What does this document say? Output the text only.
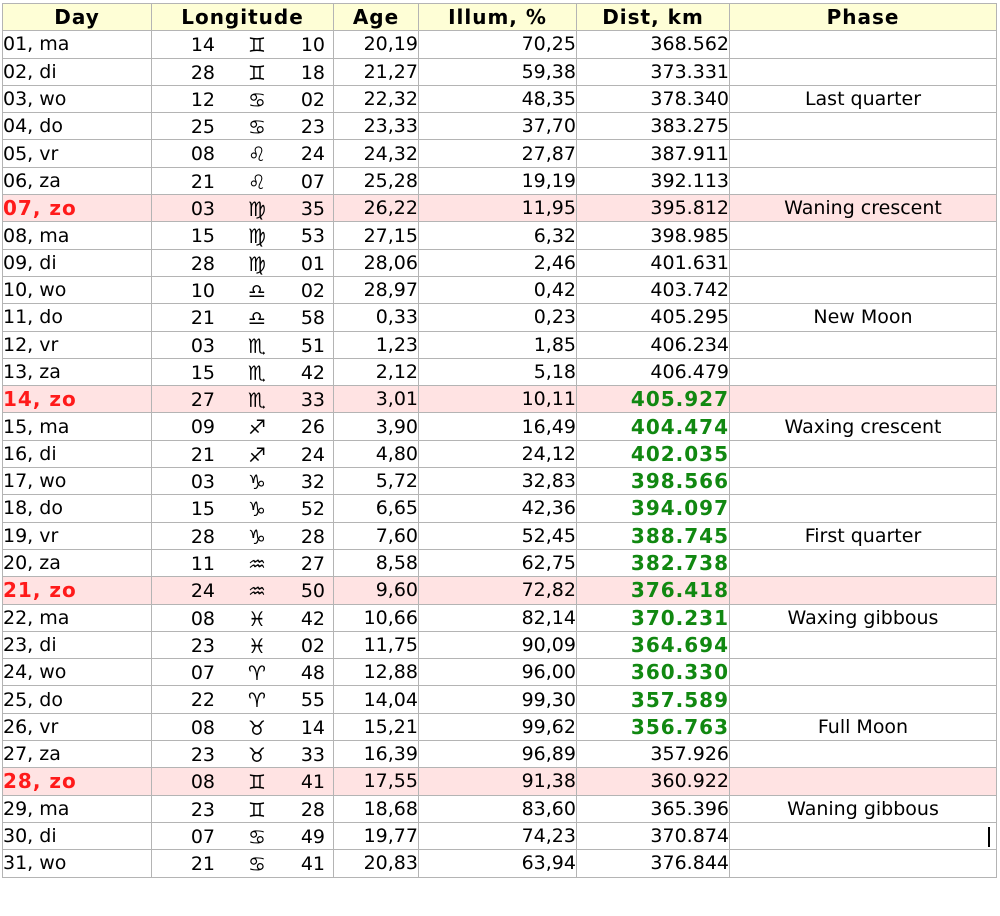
Day	Longitude	Age	Illum, %	Dist, km	Phase
01, ma	14 ♊ 10	20,19	70,25	368.562	
02, di	28 ♊ 18	21,27	59,38	373.331	
03, wo	12 ♋ 02	22,32	48,35	378.340	Last quarter
04, do	25 ♋ 23	23,33	37,70	383.275	
05, vr	08 ♌ 24	24,32	27,87	387.911	
06, za	21 ♌ 07	25,28	19,19	392.113	
07, zo	03 ♍ 35	26,22	11,95	395.812	Waning crescent
08, ma	15 ♍ 53	27,15	6,32	398.985	
09, di	28 ♍ 01	28,06	2,46	401.631	
10, wo	10 ♎ 02	28,97	0,42	403.742	
11, do	21 ♎ 58	0,33	0,23	405.295	New Moon
12, vr	03 ♏ 51	1,23	1,85	406.234	
13, za	15 ♏ 42	2,12	5,18	406.479	
14, zo	27 ♏ 33	3,01	10,11	405.927	
15, ma	09 ♐ 26	3,90	16,49	404.474	Waxing crescent
16, di	21 ♐ 24	4,80	24,12	402.035	
17, wo	03 ♑ 32	5,72	32,83	398.566	
18, do	15 ♑ 52	6,65	42,36	394.097	
19, vr	28 ♑ 28	7,60	52,45	388.745	First quarter
20, za	11 ♒ 27	8,58	62,75	382.738	
21, zo	24 ♒ 50	9,60	72,82	376.418	
22, ma	08 ♓ 42	10,66	82,14	370.231	Waxing gibbous
23, di	23 ♓ 02	11,75	90,09	364.694	
24, wo	07 ♈ 48	12,88	96,00	360.330	
25, do	22 ♈ 55	14,04	99,30	357.589	
26, vr	08 ♉ 14	15,21	99,62	356.763	Full Moon
27, za	23 ♉ 33	16,39	96,89	357.926	
28, zo	08 ♊ 41	17,55	91,38	360.922	
29, ma	23 ♊ 28	18,68	83,60	365.396	Waning gibbous
30, di	07 ♋ 49	19,77	74,23	370.874	

31, wo	21 ♋ 41	20,83	63,94	376.844	
